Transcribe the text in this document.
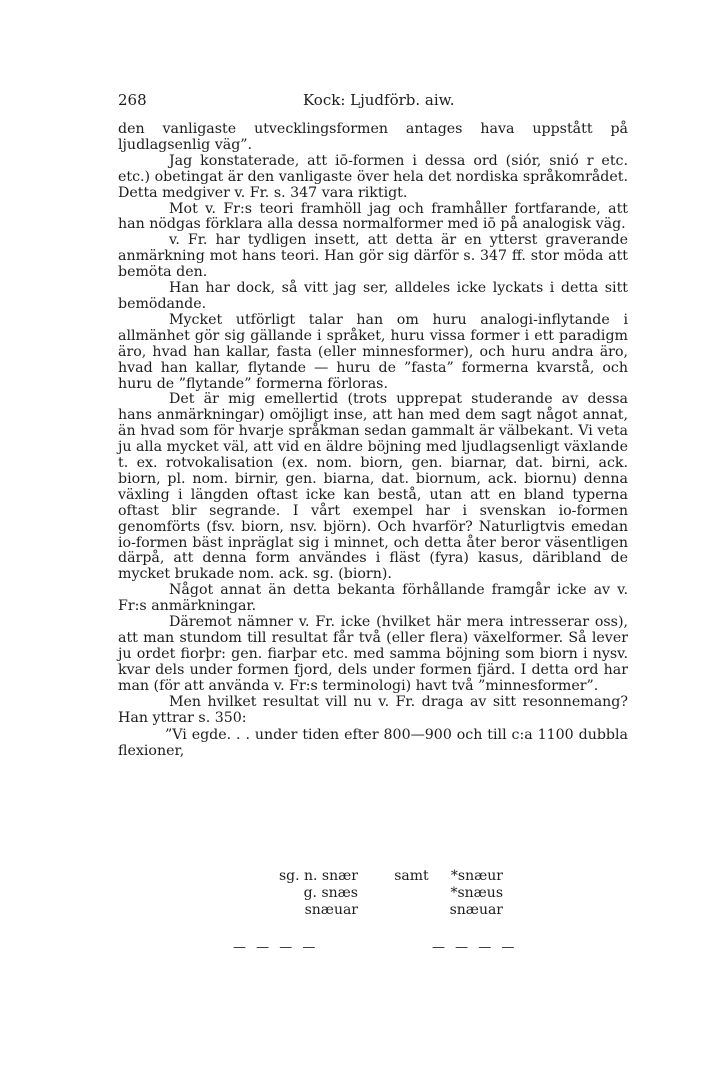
268	Kock: Ljudförb. aiw.

den vanligaste utvecklingsformen antages hava uppstått på ljudlagsenlig väg”.

Jag konstaterade, att iō-formen i dessa ord (siór, snió r etc. etc.) obetingat är den vanligaste över hela det nordiska språkområdet. Detta medgiver v. Fr. s. 347 vara riktigt.

Mot v. Fr:s teori framhöll jag och framhåller fortfarande, att han nödgas förklara alla dessa normalformer med iō på analogisk väg.

v. Fr. har tydligen insett, att detta är en ytterst graverande anmärkning mot hans teori. Han gör sig därför s. 347 ff. stor möda att bemöta den.

Han har dock, så vitt jag ser, alldeles icke lyckats i detta sitt bemödande.

Mycket utförligt talar han om huru analogi-inflytande i allmänhet gör sig gällande i språket, huru vissa former i ett paradigm äro, hvad han kallar, fasta (eller minnesformer), och huru andra äro, hvad han kallar, flytande — huru de ”fasta” formerna kvarstå, och huru de ”flytande” formerna förloras.

Det är mig emellertid (trots upprepat studerande av dessa hans anmärkningar) omöjligt inse, att han med dem sagt något annat, än hvad som för hvarje språkman sedan gammalt är välbekant. Vi veta ju alla mycket väl, att vid en äldre böjning med ljudlagsenligt växlande t. ex. rotvokalisation (ex. nom. biorn, gen. biarnar, dat. birni, ack. biorn, pl. nom. birnir, gen. biarna, dat. biornum, ack. biornu) denna växling i längden oftast icke kan bestå, utan att en bland typerna oftast blir segrande. I vårt exempel har i svenskan io-formen genomförts (fsv. biorn, nsv. björn). Och hvarför? Naturligtvis emedan io-formen bäst inpräglat sig i minnet, och detta åter beror väsentligen därpå, att denna form användes i fläst (fyra) kasus, däribland de mycket brukade nom. ack. sg. (biorn).

Något annat än detta bekanta förhållande framgår icke av v. Fr:s anmärkningar.

Däremot nämner v. Fr. icke (hvilket här mera intresserar oss), att man stundom till resultat får två (eller flera) växelformer. Så lever ju ordet fiorþr: gen. fiarþar etc. med samma böjning som biorn i nysv. kvar dels under formen fjord, dels under formen fjärd. I detta ord har man (för att använda v. Fr:s terminologi) havt två ”minnesformer”.

Men hvilket resultat vill nu v. Fr. draga av sitt resonnemang? Han yttrar s. 350:

”Vi egde. . . under tiden efter 800—900 och till c:a 1100 dubbla flexioner,

sg. n. snær
g. snæs
snæuar
samt *snæur
*snæus
snæuar
— — — —	— — — —
